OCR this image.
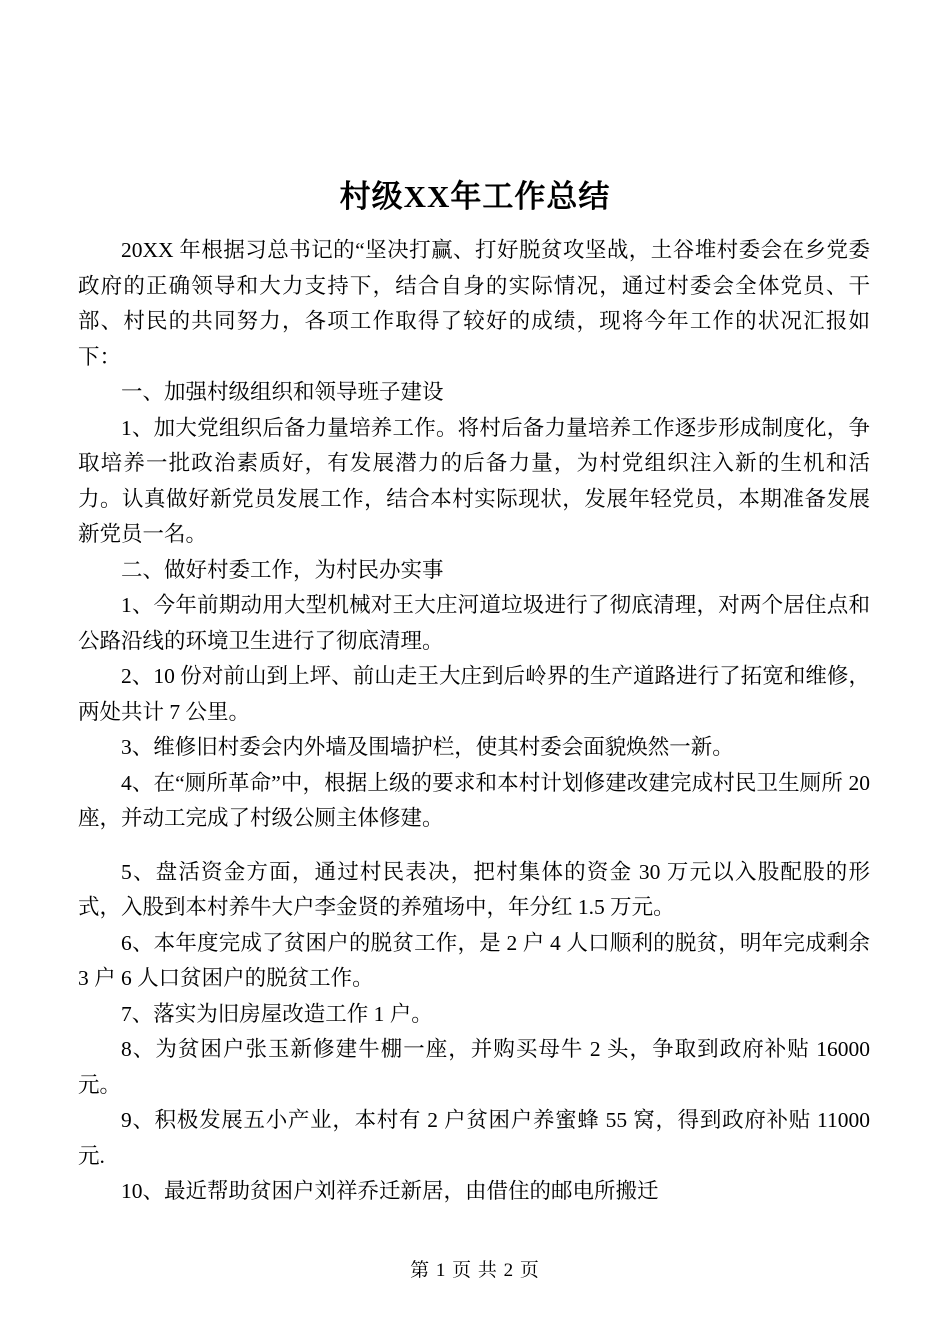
村级XX年工作总结

20XX 年根据习总书记的“坚决打赢、打好脱贫攻坚战，土谷堆村委会在乡党委政府的正确领导和大力支持下，结合自身的实际情况，通过村委会全体党员、干部、村民的共同努力，各项工作取得了较好的成绩，现将今年工作的状况汇报如下：

一、加强村级组织和领导班子建设

1、加大党组织后备力量培养工作。将村后备力量培养工作逐步形成制度化，争取培养一批政治素质好，有发展潜力的后备力量，为村党组织注入新的生机和活力。认真做好新党员发展工作，结合本村实际现状，发展年轻党员，本期准备发展新党员一名。

二、做好村委工作，为村民办实事

1、今年前期动用大型机械对王大庄河道垃圾进行了彻底清理，对两个居住点和公路沿线的环境卫生进行了彻底清理。

2、10 份对前山到上坪、前山走王大庄到后岭界的生产道路进行了拓宽和维修，两处共计 7 公里。

3、维修旧村委会内外墙及围墙护栏，使其村委会面貌焕然一新。

4、在“厕所革命”中，根据上级的要求和本村计划修建改建完成村民卫生厕所 20 座，并动工完成了村级公厕主体修建。

5、盘活资金方面，通过村民表决，把村集体的资金 30 万元以入股配股的形式，入股到本村养牛大户李金贤的养殖场中，年分红 1.5 万元。

6、本年度完成了贫困户的脱贫工作，是 2 户 4 人口顺利的脱贫，明年完成剩余 3 户 6 人口贫困户的脱贫工作。

7、落实为旧房屋改造工作 1 户。

8、为贫困户张玉新修建牛棚一座，并购买母牛 2 头，争取到政府补贴 16000 元。

9、积极发展五小产业，本村有 2 户贫困户养蜜蜂 55 窝，得到政府补贴 11000 元.

10、最近帮助贫困户刘祥乔迁新居，由借住的邮电所搬迁

第 1 页 共 2 页
